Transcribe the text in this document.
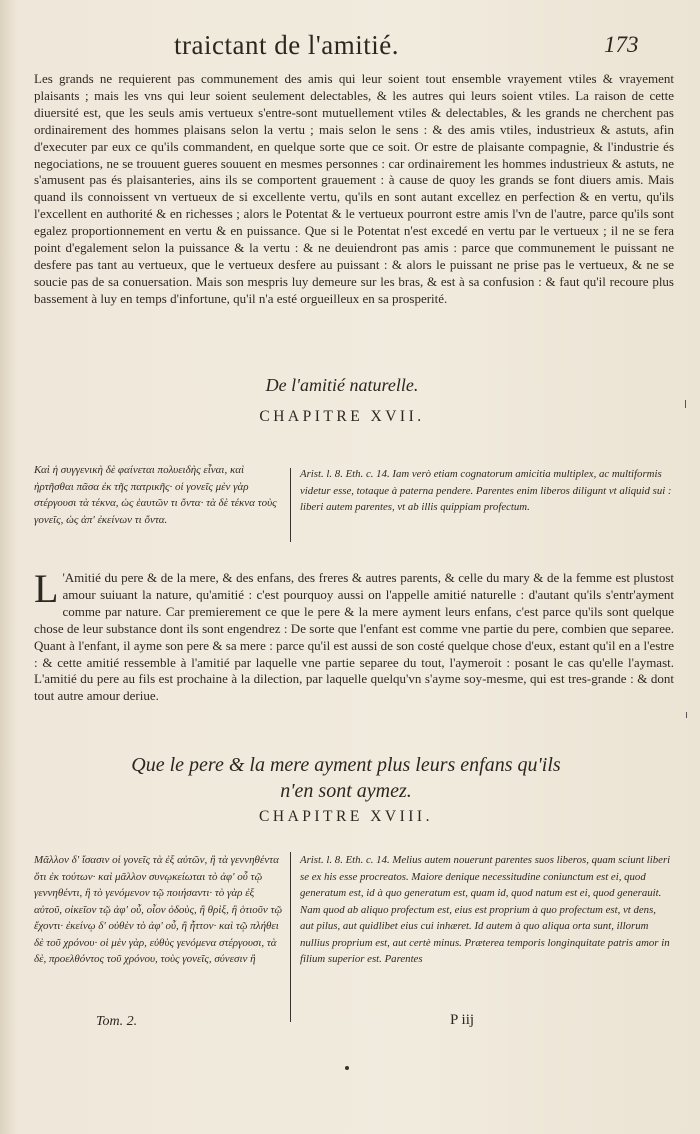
traictant de l'amitié.	173
Les grands ne requierent pas communement des amis qui leur soient tout ensemble vrayement vtiles & vrayement plaisants ; mais les vns qui leur soient seulement delectables, & les autres qui leurs soient vtiles. La raison de cette diuersité est, que les seuls amis vertueux s'entre-sont mutuellement vtiles & delectables, & les grands ne cherchent pas ordinairement des hommes plaisans selon la vertu ; mais selon le sens : & des amis vtiles, industrieux & astuts, afin d'executer par eux ce qu'ils commandent, en quelque sorte que ce soit. Or estre de plaisante compagnie, & l'industrie és negociations, ne se trouuent gueres souuent en mesmes personnes : car ordinairement les hommes industrieux & astuts, ne s'amusent pas és plaisanteries, ains ils se comportent grauement : à cause de quoy les grands se font diuers amis. Mais quand ils connoissent vn vertueux de si excellente vertu, qu'ils en sont autant excellez en perfection & en vertu, qu'ils l'excellent en authorité & en richesses ; alors le Potentat & le vertueux pourront estre amis l'vn de l'autre, parce qu'ils sont egalez proportionnement en vertu & en puissance. Que si le Potentat n'est excedé en vertu par le vertueux ; il ne se fera point d'egalement selon la puissance & la vertu : & ne deuiendront pas amis : parce que communement le puissant ne desfere pas tant au vertueux, que le vertueux desfere au puissant : & alors le puissant ne prise pas le vertueux, & ne se soucie pas de sa conuersation. Mais son mespris luy demeure sur les bras, & est à sa confusion : & faut qu'il recoure plus bassement à luy en temps d'infortune, qu'il n'a esté orgueilleux en sa prosperité.
De l'amitié naturelle.
CHAPITRE XVII.
Καὶ ἡ συγγενικὴ δὲ φαίνεται πολυειδὴς εἶναι, καὶ ἠρτῆσθαι πᾶσα ἐκ τῆς πατρικῆς· οἱ γονεῖς μὲν γὰρ στέργουσι τὰ τέκνα, ὡς ἑαυτῶν τι ὄντα· τὰ δὲ τέκνα τοὺς γονεῖς, ὡς ἀπ' ἐκείνων τι ὄντα.
Arist. l. 8. Eth. c. 14. Iam verò etiam cognatorum amicitia multiplex, ac multiformis videtur esse, totaque à paterna pendere. Parentes enim liberos diligunt vt aliquid sui : liberi autem parentes, vt ab illis quippiam profectum.
L 'Amitié du pere & de la mere, & des enfans, des freres & autres parents, & celle du mary & de la femme est plustost amour suiuant la nature, qu'amitié : c'est pourquoy aussi on l'appelle amitié naturelle : d'autant qu'ils s'entr'ayment comme par nature. Car premierement ce que le pere & la mere ayment leurs enfans, c'est parce qu'ils sont quelque chose de leur substance dont ils sont engendrez : De sorte que l'enfant est comme vne partie du pere, combien que separee. Quant à l'enfant, il ayme son pere & sa mere : parce qu'il est aussi de son costé quelque chose d'eux, estant qu'il en a l'estre : & cette amitié ressemble à l'amitié par laquelle vne partie separee du tout, l'aymeroit : posant le cas qu'elle l'aymast. L'amitié du pere au fils est prochaine à la dilection, par laquelle quelqu'vn s'ayme soy-mesme, qui est tres-grande : & dont tout autre amour deriue.
Que le pere & la mere ayment plus leurs enfans qu'ils
n'en sont aymez.
CHAPITRE XVIII.
Μᾶλλον δ' ἴσασιν οἱ γονεῖς τὰ ἐξ αὐτῶν, ἢ τὰ γεννηθέντα ὅτι ἐκ τούτων· καὶ μᾶλλον συνῳκείωται τὸ ἀφ' οὗ τῷ γεννηθέντι, ἢ τὸ γενόμενον τῷ ποιήσαντι· τὸ γὰρ ἐξ αὐτοῦ, οἰκεῖον τῷ ἀφ' οὗ, οἷον ὀδοὺς, ἢ θρὶξ, ἢ ὁτιοῦν τῷ ἔχοντι· ἐκείνῳ δ' οὐθὲν τὸ ἀφ' οὗ, ἢ ἧττον· καὶ τῷ πλήθει δὲ τοῦ χρόνου· οἱ μὲν γὰρ, εὐθὺς γενόμενα στέργουσι, τὰ δὲ, προελθόντος τοῦ χρόνου, τοὺς γονεῖς, σύνεσιν ἢ
Arist. l. 8. Eth. c. 14. Melius autem nouerunt parentes suos liberos, quam sciunt liberi se ex his esse procreatos. Maiore denique necessitudine coniunctum est ei, quod generatum est, id à quo generatum est, quam id, quod natum est ei, quod generauit. Nam quod ab aliquo profectum est, eius est proprium à quo profectum est, vt dens, aut pilus, aut quidlibet eius cui inhæret. Id autem à quo aliqua orta sunt, illorum nullius proprium est, aut certè minus. Præterea temporis longinquitate patris amor in filium superior est. Parentes
Tom. 2.	P iij
